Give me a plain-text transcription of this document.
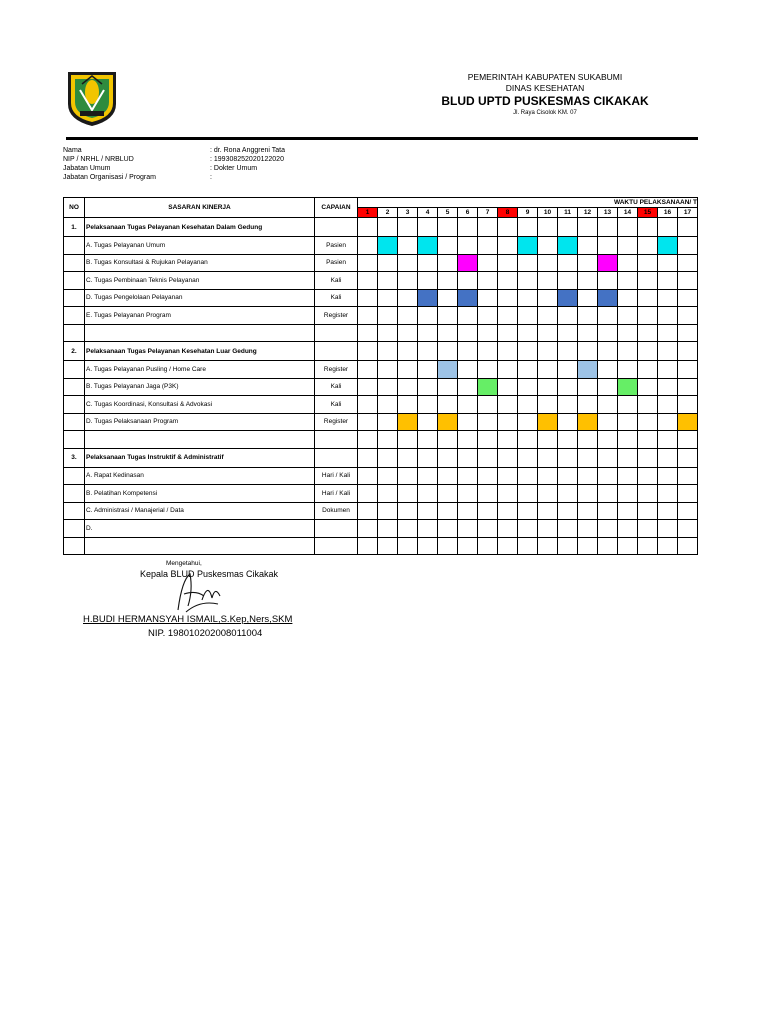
PEMERINTAH KABUPATEN SUKABUMI
DINAS KESEHATAN
BLUD UPTD PUSKESMAS CIKAKAK
Jl. Raya Cisolok KM. 07
Nama	: dr. Rona Anggreni Tata
NIP / NRHL / NRBLUD	: 199308252020122020
Jabatan Umum	: Dokter Umum
Jabatan Organisasi / Program	:
NO	SASARAN KINERJA	CAPAIAN	WAKTU PELAKSANAAN/ T																
			1	2	3	4	5	6	7	8	9	10	11	12	13	14	15	16	17
1.	Pelaksanaan Tugas Pelayanan Kesehatan Dalam Gedung																		
	A. Tugas Pelayanan Umum	Pasien																	
	B. Tugas Konsultasi & Rujukan Pelayanan	Pasien																	
	C. Tugas Pembinaan Teknis Pelayanan	Kali																	
	D. Tugas Pengelolaan Pelayanan	Kali																	
	E. Tugas Pelayanan Program	Register																	

2.	Pelaksanaan Tugas Pelayanan Kesehatan Luar Gedung																		
	A. Tugas Pelayanan Pusling / Home Care	Register																	
	B. Tugas Pelayanan Jaga (P3K)	Kali																	
	C. Tugas Koordinasi, Konsultasi & Advokasi	Kali																	
	D. Tugas Pelaksanaan Program	Register																	

3.	Pelaksanaan Tugas Instruktif & Administratif																		
	A. Rapat Kedinasan	Hari / Kali																	
	B. Pelatihan Kompetensi	Hari / Kali																	
	C. Administrasi / Manajerial / Data	Dokumen																	
	D.																		

Mengetahui,
Kepala BLUD Puskesmas Cikakak
H.BUDI HERMANSYAH ISMAIL,S.Kep,Ners,SKM
NIP. 198010202008011004
